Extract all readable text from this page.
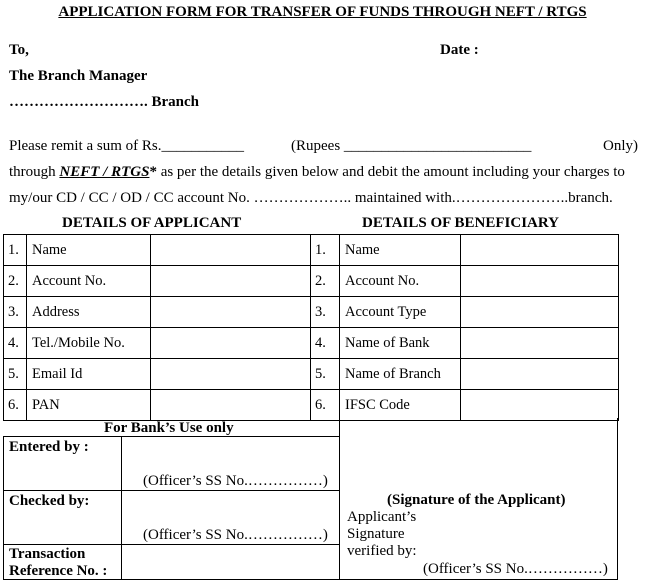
APPLICATION FORM FOR TRANSFER OF FUNDS THROUGH NEFT / RTGS
To,	Date :
The Branch Manager
………………………. Branch
Please remit a sum of Rs.___________	(Rupees _________________________	Only)
through NEFT / RTGS* as per the details given below and debit the amount including your charges to
my/our CD / CC / OD / CC account No. ……………….. maintained with.…………………..branch.
DETAILS OF APPLICANT	DETAILS OF BENEFICIARY
1.	Name		1.	Name	
2.	Account No.		2.	Account No.	
3.	Address		3.	Account Type	
4.	Tel./Mobile No.		4.	Name of Bank	
5.	Email Id		5.	Name of Branch	
6.	PAN		6.	IFSC Code	
For Bank’s Use only
Entered by :
(Officer’s SS No.……………)
Checked by:
(Officer’s SS No.……………)
Transaction
Reference No. :
(Signature of the Applicant)
Applicant’s
Signature
verified by:
(Officer’s SS No.……………)
